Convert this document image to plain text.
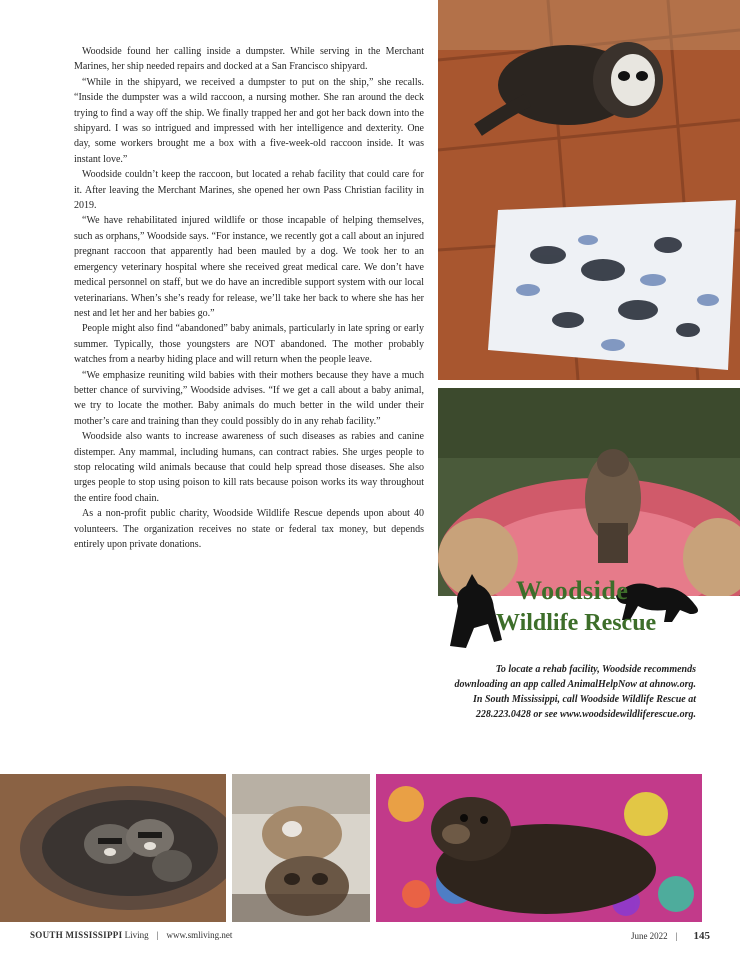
Woodside found her calling inside a dumpster. While serving in the Merchant Marines, her ship needed repairs and docked at a San Francisco shipyard.

“While in the shipyard, we received a dumpster to put on the ship,” she recalls. “Inside the dumpster was a wild raccoon, a nursing mother. She ran around the deck trying to find a way off the ship. We finally trapped her and got her back down into the shipyard. I was so intrigued and impressed with her intelligence and dexterity. One day, some workers brought me a box with a five-week-old raccoon inside. It was instant love.”

Woodside couldn’t keep the raccoon, but located a rehab facility that could care for it. After leaving the Merchant Marines, she opened her own Pass Christian facility in 2019.

“We have rehabilitated injured wildlife or those incapable of helping themselves, such as orphans,” Woodside says. “For instance, we recently got a call about an injured pregnant raccoon that apparently had been mauled by a dog. We took her to an emergency veterinary hospital where she received great medical care. We don’t have medical personnel on staff, but we do have an incredible support system with our local veterinarians. When’s she’s ready for release, we’ll take her back to where she has her nest and let her and her babies go.”

People might also find “abandoned” baby animals, particularly in late spring or early summer. Typically, those youngsters are NOT abandoned. The mother probably watches from a nearby hiding place and will return when the people leave.

“We emphasize reuniting wild babies with their mothers because they have a much better chance of surviving,” Woodside advises. “If we get a call about a baby animal, we try to locate the mother. Baby animals do much better in the wild under their mother’s care and training than they could possibly do in any rehab facility.”

Woodside also wants to increase awareness of such diseases as rabies and canine distemper. Any mammal, including humans, can contract rabies. She urges people to stop relocating wild animals because that could help spread those diseases. She also urges people to stop using poison to kill rats because poison works its way throughout the entire food chain.

As a non-profit public charity, Woodside Wildlife Rescue depends upon about 40 volunteers. The organization receives no state or federal tax money, but depends entirely upon private donations.

Woodside
Wildlife Rescue
To locate a rehab facility, Woodside recommends downloading an app called AnimalHelpNow at ahnow.org. In South Mississippi, call Woodside Wildlife Rescue at 228.223.0428 or see www.woodsidewildliferescue.org.
SOUTH MISSISSIPPI Living | www.smliving.net	June 2022 | 145
